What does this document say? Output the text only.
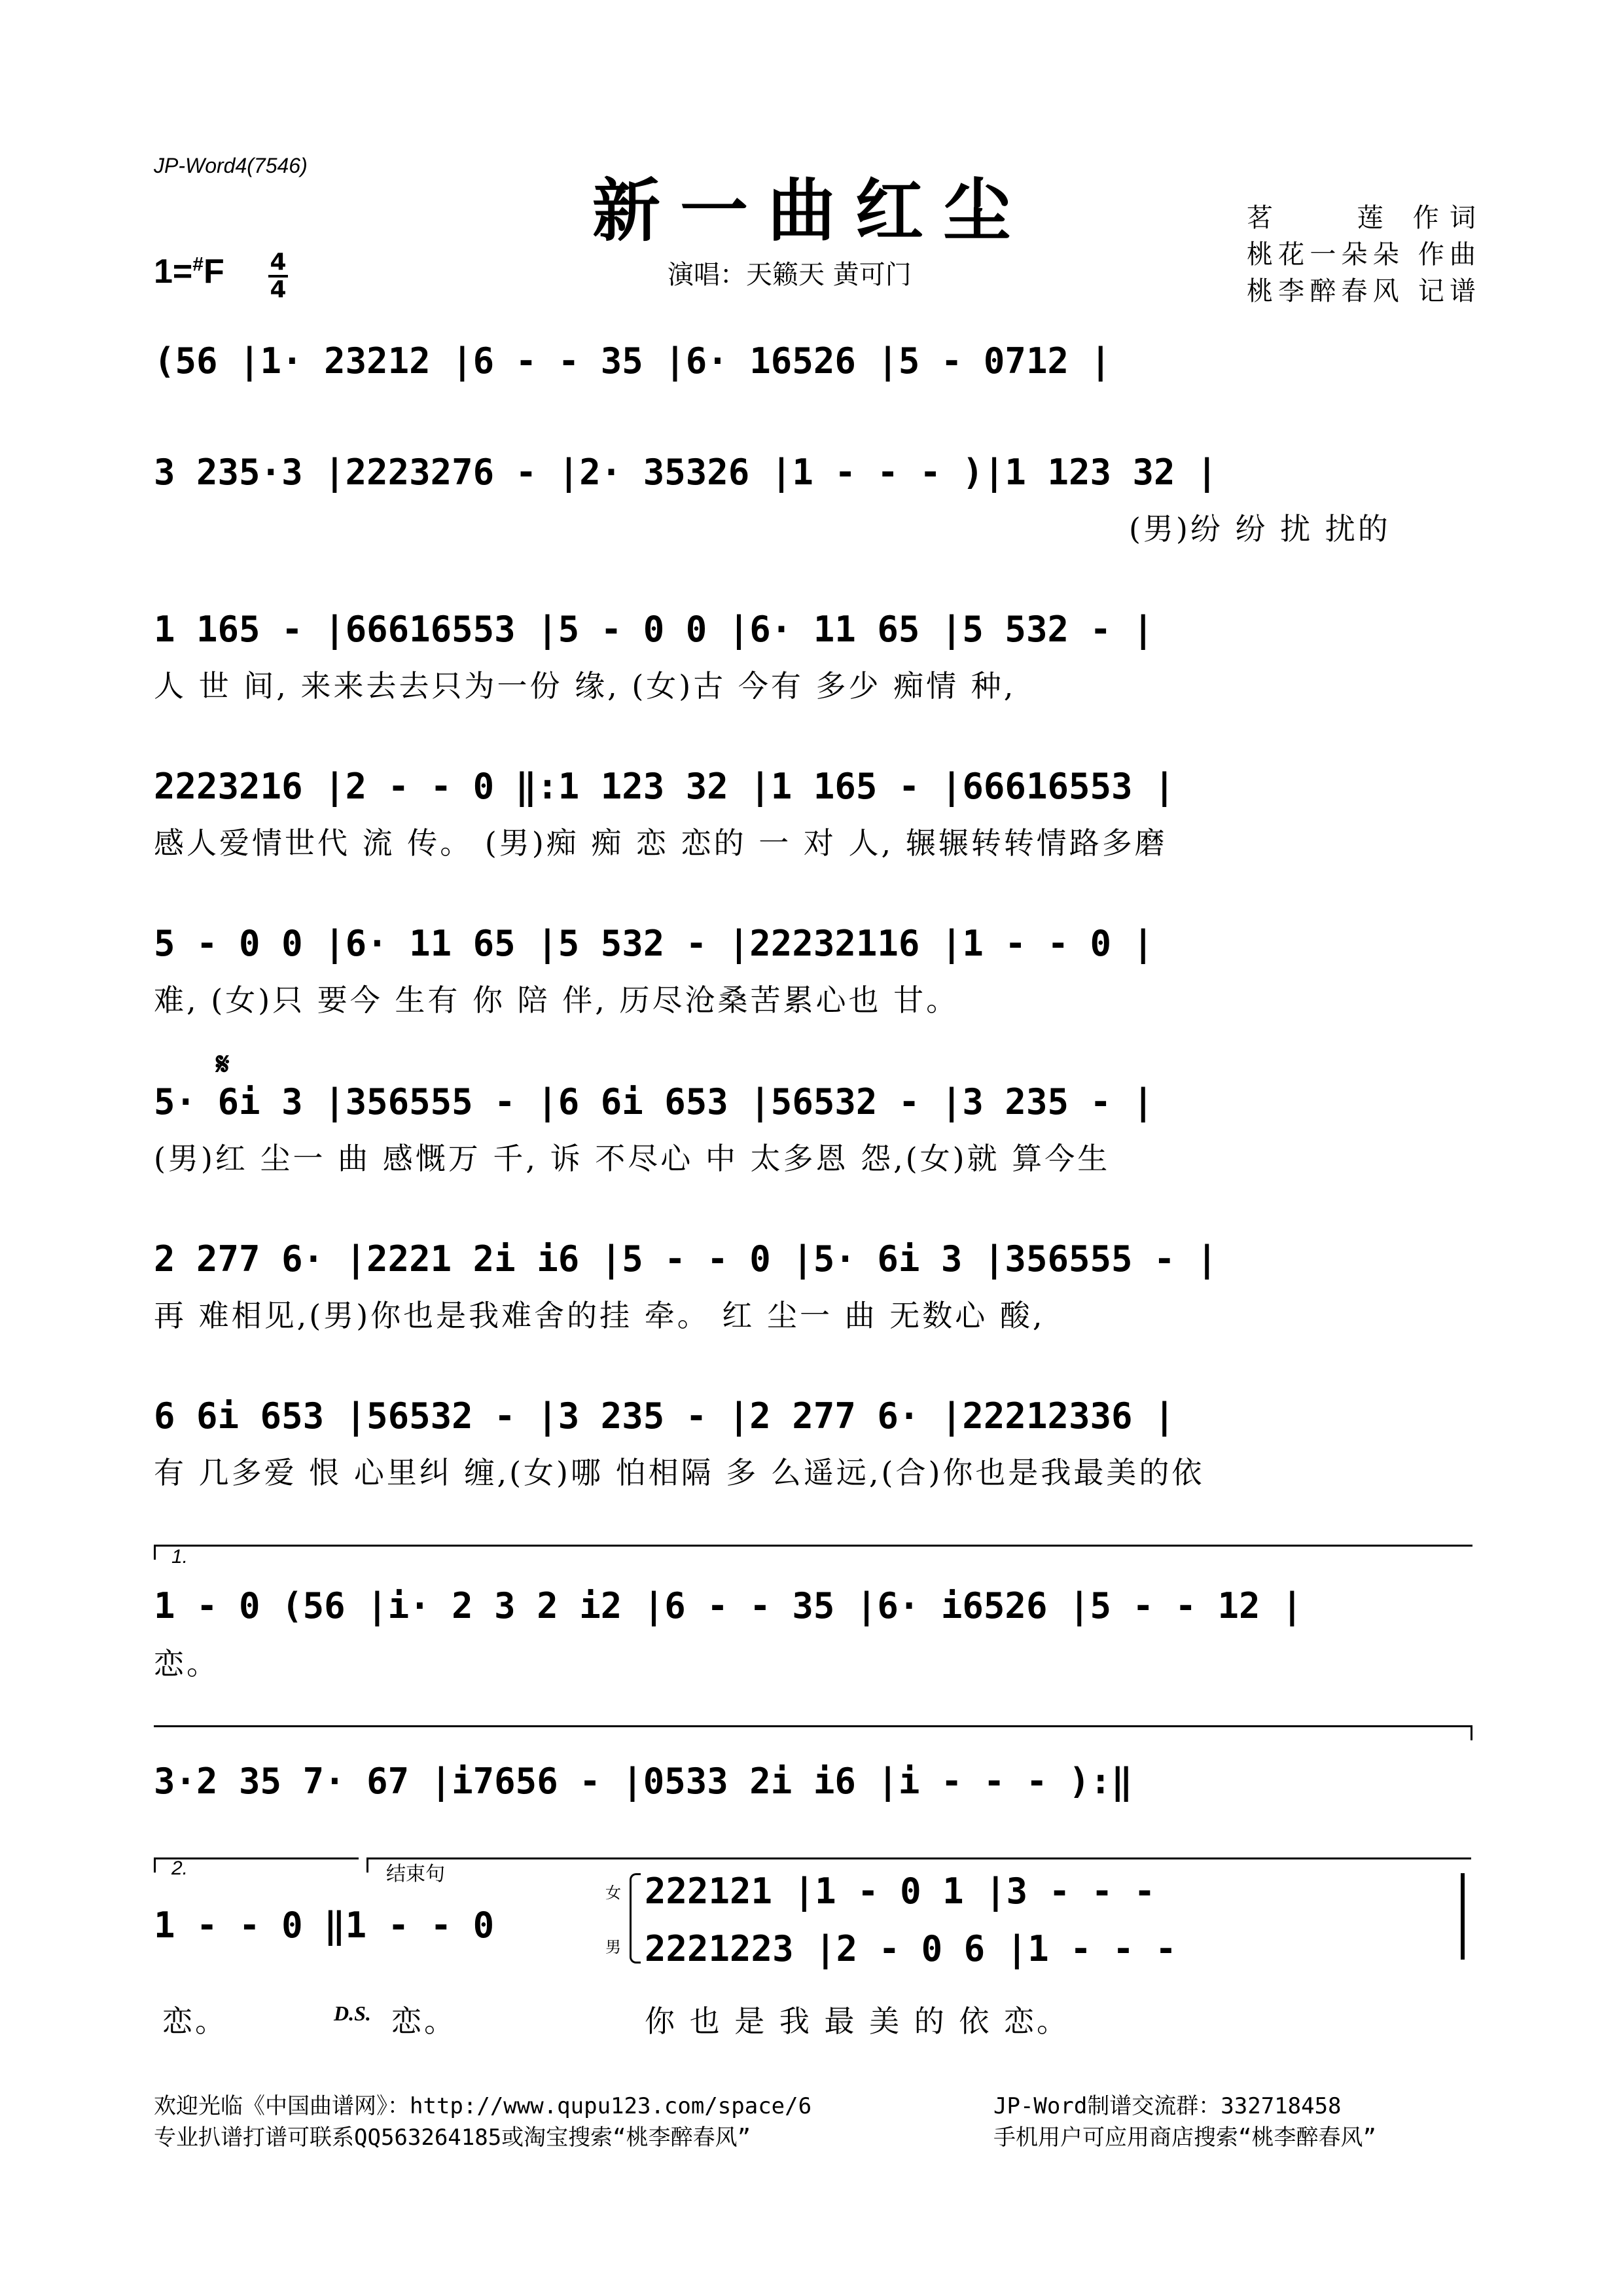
JP-Word4(7546)
新一曲红尘
1=#F 4
4	演唱：天籁天 黄可门
茗　　莲 作词
桃花一朵朵 作曲
桃李醉春风 记谱
(56 |1· 23212 |6 - - 35 |6· 16526 |5 - 0712 |
3 235·3 |2223276 - |2· 35326 |1 - - - )|1 123 32 |
(男)纷 纷 扰 扰的
1 165 - |66616553 |5 - 0 0 |6· 11 65 |5 532 - |
人 世 间, 来来去去只为一份 缘, (女)古 今有 多少 痴情 种,
2223216 |2 - - 0 ‖:1 123 32 |1 165 - |66616553 |
感人爱情世代 流 传。 (男)痴 痴 恋 恋的 一 对 人, 辗辗转转情路多磨
5 - 0 0 |6· 11 65 |5 532 - |22232116 |1 - - 0 |
难, (女)只 要今 生有 你 陪 伴, 历尽沧桑苦累心也 甘。
𝄋
5· 6i 3 |356555 - |6 6i 653 |56532 - |3 235 - |
(男)红 尘一 曲 感慨万 千, 诉 不尽心 中 太多恩 怨,(女)就 算今生
2 277 6· |2221 2i i6 |5 - - 0 |5· 6i 3 |356555 - |
再 难相见,(男)你也是我难舍的挂 牵。 红 尘一 曲 无数心 酸,
6 6i 653 |56532 - |3 235 - |2 277 6· |22212336 |
有 几多爱 恨 心里纠 缠,(女)哪 怕相隔 多 么遥远,(合)你也是我最美的依
1.
1 - 0 (56 |i· 2 3 2 i2 |6 - - 35 |6· i6526 |5 - - 12 |
恋。
3·2 35 7· 67 |i7656 - |0533 2i i6 |i - - - ):‖
2.	结束句
1 - - 0 ‖1 - - 0
女
男
222121 |1 - 0 1 |3 - - -
2221223 |2 - 0 6 |1 - - -
恋。	D.S. 恋。	你 也 是 我 最 美 的 依 恋。
欢迎光临《中国曲谱网》：http://www.qupu123.com/space/6
专业扒谱打谱可联系QQ563264185或淘宝搜索“桃李醉春风”
JP-Word制谱交流群：332718458
手机用户可应用商店搜索“桃李醉春风”
